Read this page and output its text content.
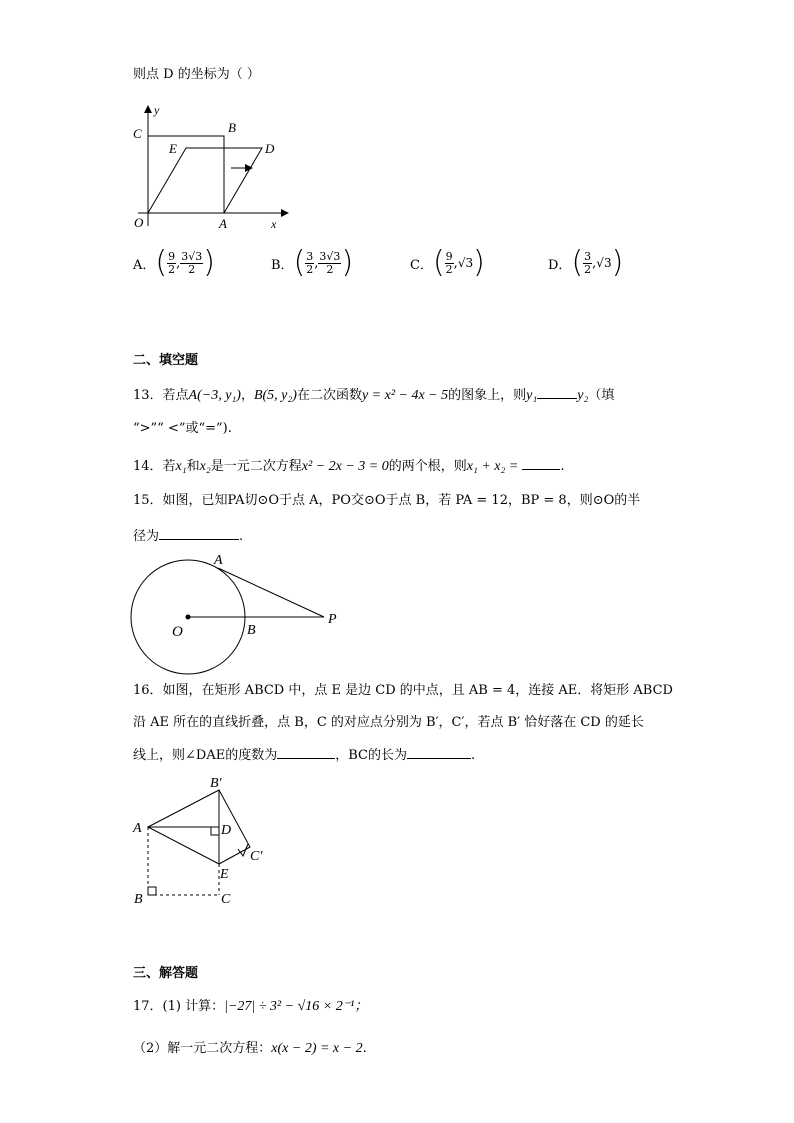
则点 D 的坐标为（ ）
y
C	B
E	D
O	A	x
A． ( $\frac{9}{2}$ , $\frac{3√3}{2}$ )	B． ( $\frac{3}{2}$ , $\frac{3√3}{2}$ )	C． ( $\frac{9}{2}$ , √3 )	D． ( $\frac{3}{2}$ , √3 )
二、填空题
13．若点A(−3, y₁)，B(5, y₂)在二次函数y = x² − 4x − 5的图象上，则y₁	y₂（填
“>”“ <”或“=”).
14．若x₁和x₂是一元二次方程x² − 2x − 3 = 0的两个根，则x₁ + x₂ =	.
15．如图，已知PA切⊙O于点 A，PO交⊙O于点 B，若 PA = 12，BP = 8，则⊙O的半
径为	.
A
O	B
P
16．如图，在矩形 ABCD 中，点 E 是边 CD 的中点，且 AB = 4，连接 AE．将矩形 ABCD
沿 AE 所在的直线折叠，点 B，C 的对应点分别为 B′，C′，若点 B′ 恰好落在 CD 的延长
线上，则∠DAE的度数为	，BC的长为	.
B′
A	D
C′
E
B	C
三、解答题
17．(1) 计算：|−27| ÷ 3² − √16 × 2⁻¹；
（2）解一元二次方程：x(x − 2) = x − 2.
